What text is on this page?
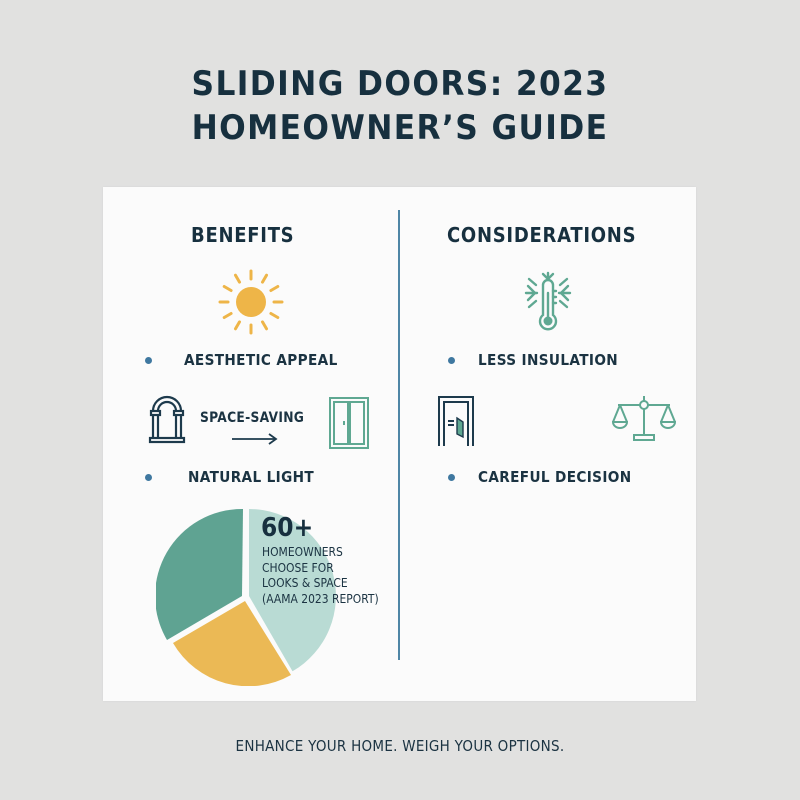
SLIDING DOORS: 2023
HOMEOWNER’S GUIDE
BENEFITS
AESTHETIC APPEAL
SPACE-SAVING
NATURAL LIGHT
60+
HOMEOWNERS
CHOOSE FOR
LOOKS & SPACE
(AAMA 2023 REPORT)
CONSIDERATIONS
LESS INSULATION
CAREFUL DECISION
ENHANCE YOUR HOME. WEIGH YOUR OPTIONS.
